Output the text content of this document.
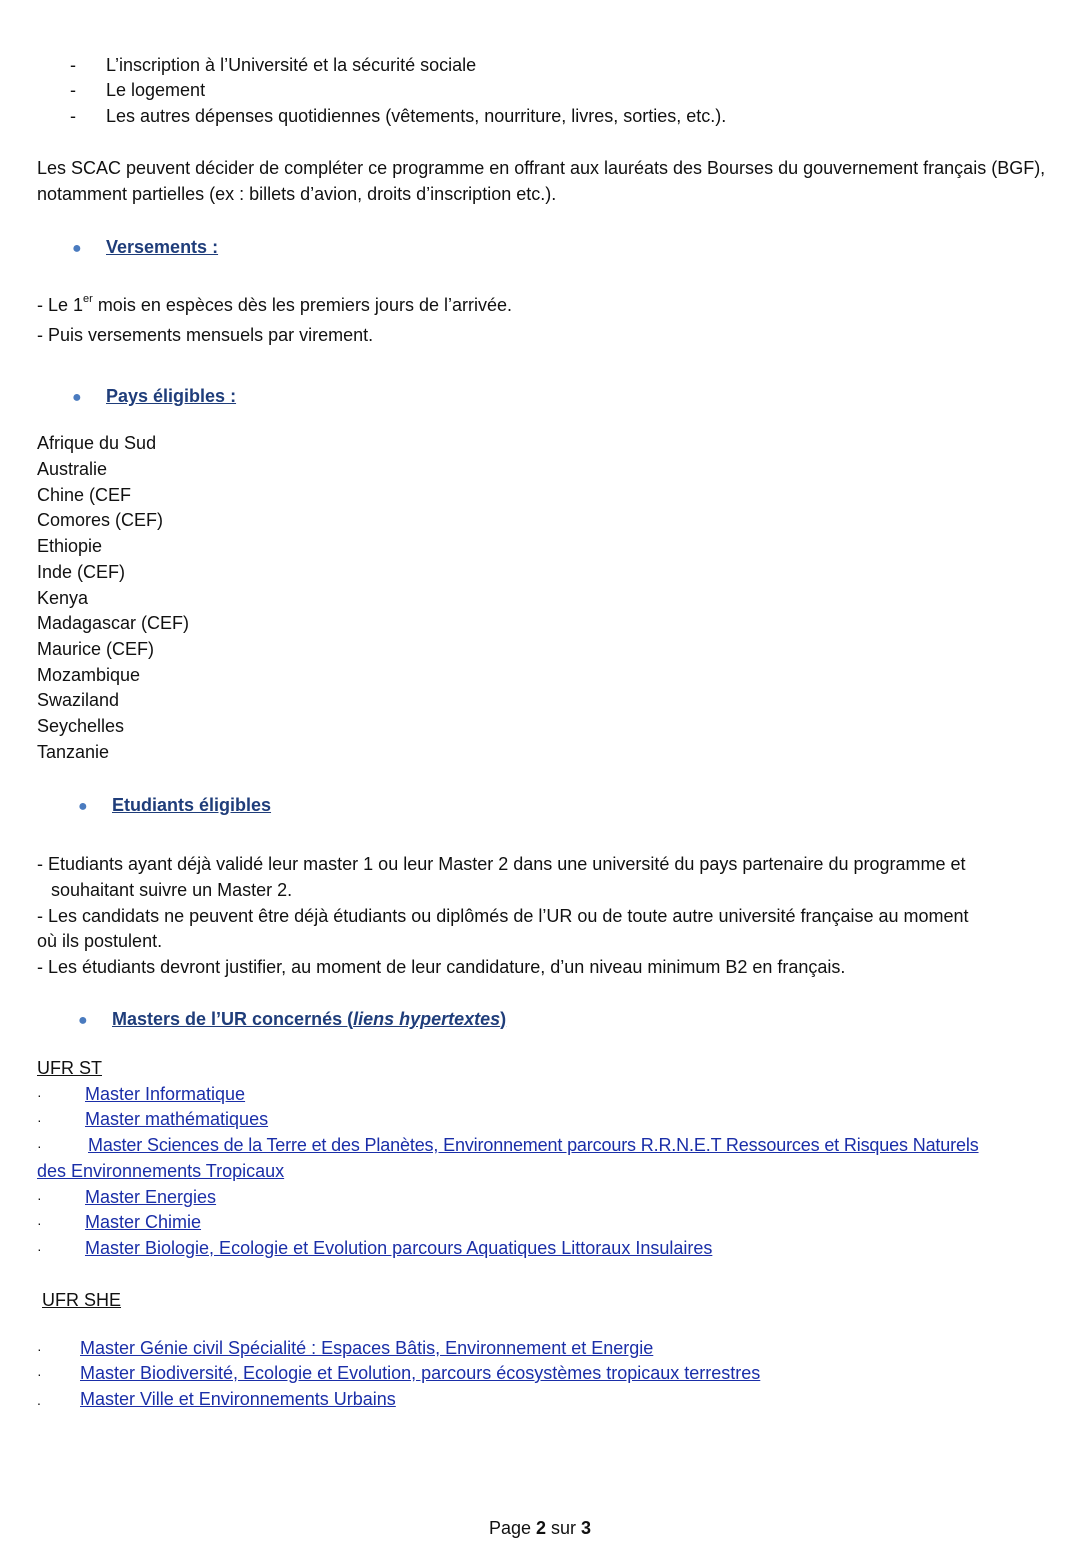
- L’inscription à l’Université et la sécurité sociale
- Le logement
- Les autres dépenses quotidiennes (vêtements, nourriture, livres, sorties, etc.).
Les SCAC peuvent décider de compléter ce programme en offrant aux lauréats des Bourses du gouvernement français (BGF), notamment partielles (ex : billets d’avion, droits d’inscription etc.).
● Versements :
- Le 1er mois en espèces dès les premiers jours de l’arrivée.
- Puis versements mensuels par virement.
● Pays éligibles :
Afrique du Sud
Australie
Chine (CEF
Comores (CEF)
Ethiopie
Inde (CEF)
Kenya
Madagascar (CEF)
Maurice (CEF)
Mozambique
Swaziland
Seychelles
Tanzanie
● Etudiants éligibles
- Etudiants ayant déjà validé leur master 1 ou leur Master 2 dans une université du pays partenaire du programme et
souhaitant suivre un Master 2.
- Les candidats ne peuvent être déjà étudiants ou diplômés de l’UR ou de toute autre université française au moment
où ils postulent.
- Les étudiants devront justifier, au moment de leur candidature, d’un niveau minimum B2 en français.
● Masters de l’UR concernés (liens hypertextes)
UFR ST
· Master Informatique
· Master mathématiques
·	Master Sciences de la Terre et des Planètes, Environnement parcours R.R.N.E.T Ressources et Risques Naturels
des Environnements Tropicaux
· Master Energies
· Master Chimie
· Master Biologie, Ecologie et Evolution parcours Aquatiques Littoraux Insulaires
UFR SHE
· Master Génie civil Spécialité : Espaces Bâtis, Environnement et Energie
· Master Biodiversité, Ecologie et Evolution, parcours écosystèmes tropicaux terrestres
. Master Ville et Environnements Urbains
Page 2 sur 3
